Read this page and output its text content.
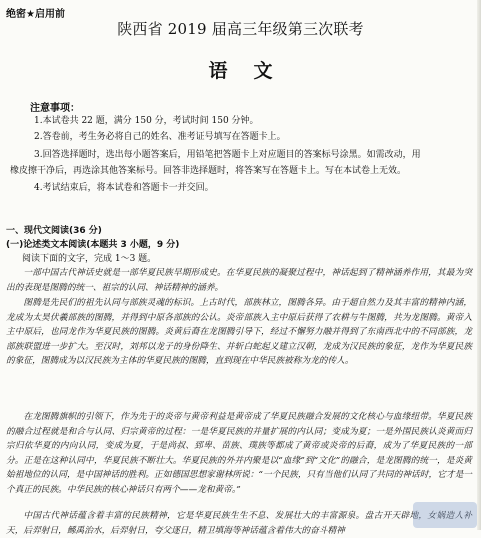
绝密★启用前
陕西省 2019 届高三年级第三次联考
语文
注意事项：
1.本试卷共 22 题，满分 150 分，考试时间 150 分钟。
2.答卷前，考生务必将自己的姓名、准考证号填写在答题卡上。
3.回答选择题时，选出每小题答案后，用铅笔把答题卡上对应题目的答案标号涂黑。如需改动，用
橡皮擦干净后，再选涂其他答案标号。回答非选择题时，将答案写在答题卡上。写在本试卷上无效。
4.考试结束后，将本试卷和答题卡一并交回。
一、现代文阅读(36 分)
(一)论述类文本阅读(本题共 3 小题，9 分)
阅读下面的文字，完成 1～3 题。
一部中国古代神话史就是一部华夏民族早期形成史。在华夏民族的凝聚过程中，神话起到了精神涵养作用，其最为突出的表现是图腾的统一、祖宗的认同、神话精神的涵养。
图腾是先民们的祖先认同与部族灵魂的标识。上古时代，部族林立，图腾各异。由于超自然力及其丰富的精神内涵，龙成为太昊伏羲部族的图腾，并得到中原各部族的公认。炎帝部族入主中原后获得了农耕与牛图腾，共为龙图腾。黄帝入主中原后，也同龙作为华夏民族的图腾。炎黄后裔在龙图腾引导下，经过不懈努力融并得到了东南西北中的不同部族，龙部族联盟进一步扩大。至汉时，刘邦以龙子的身份降生、并斩白蛇起义建立汉朝，龙成为汉民族的象征，龙作为华夏民族的象征，图腾成为以汉民族为主体的华夏民族的图腾，直到现在中华民族被称为龙的传人。
在龙图腾旗帜的引领下，作为先于的炎帝与黄帝利益是黄帝成了华夏民族融合发展的文化核心与血缘纽带。华夏民族的融合过程就是和合与认同、归宗黄帝的过程：一是华夏民族的并量扩展的内认同；变成为夏；一是外围民族认炎黄而归宗归依华夏的内向认同，变成为夏，于是尚叔、郅卑、苗族、璞族等都成了黄帝或炎帝的后裔，成为了华夏民族的一部分。正是在这种认同中，华夏民族不断壮大。华夏民族的外并内聚是以“血缘”到“文化”的融合，是龙图腾的统一，是炎黄始祖地位的认同，是中国神话的胜利。正如德国思想家谢林所说：“一个民族，只有当他们认同了共同的神话时，它才是一个真正的民族。中华民族的核心神话只有两个——龙和黄帝。”
中国古代神话蕴含着丰富的民族精神，它是华夏民族生生不息、发展壮大的丰富源泉。盘古开天辟地，女娲造人补天，后羿射日，鲧禹治水，后羿射日，夸父逐日，精卫填海等神话蕴含着伟大的奋斗精神
